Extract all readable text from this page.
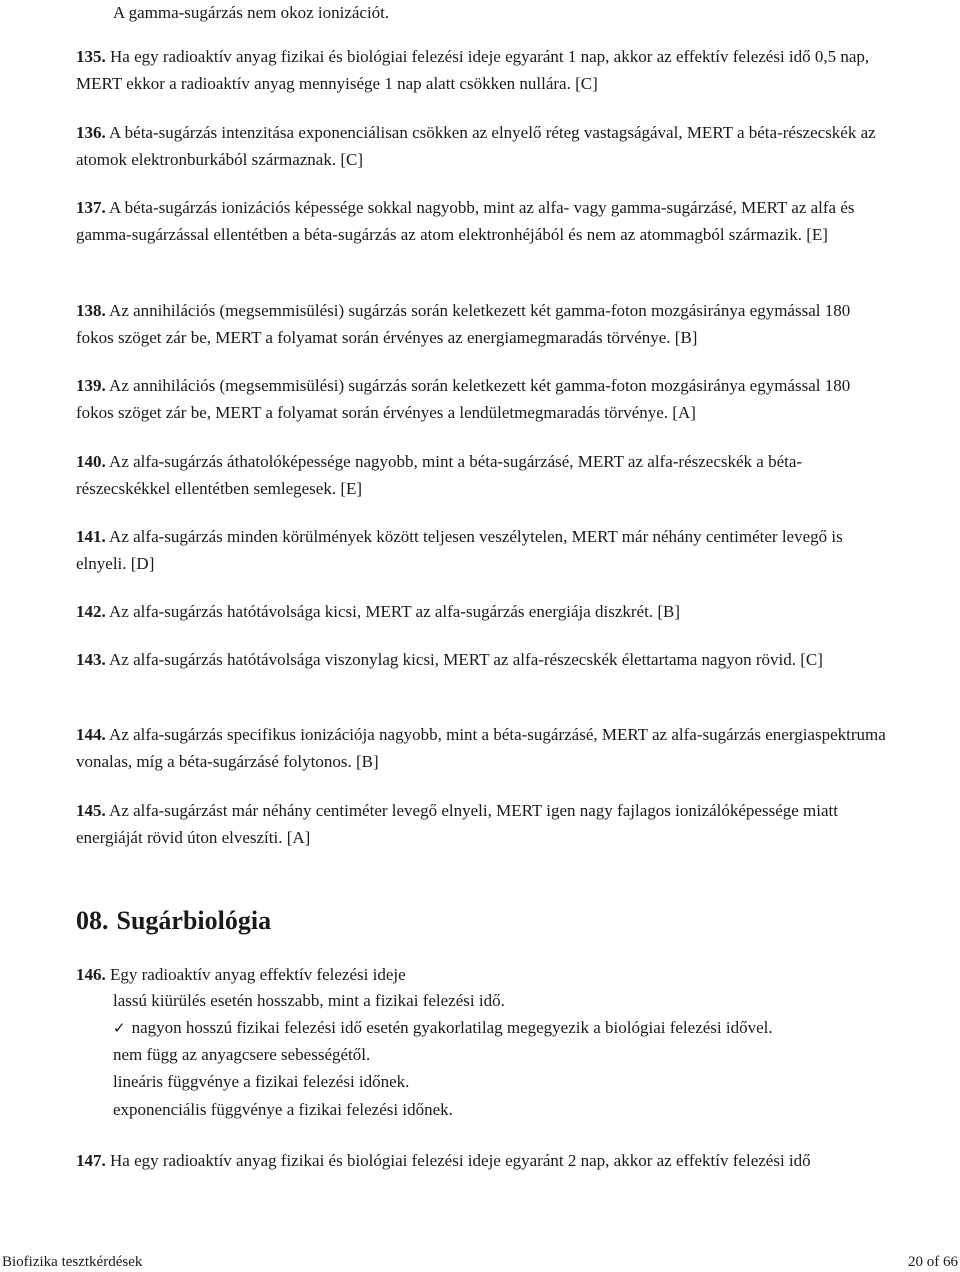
A gamma-sugárzás nem okoz ionizációt.

135. Ha egy radioaktív anyag fizikai és biológiai felezési ideje egyaránt 1 nap, akkor az effektív felezési idő 0,5 nap, MERT ekkor a radioaktív anyag mennyisége 1 nap alatt csökken nullára. [C]

136. A béta-sugárzás intenzitása exponenciálisan csökken az elnyelő réteg vastagságával, MERT a béta-részecskék az atomok elektronburkából származnak. [C]

137. A béta-sugárzás ionizációs képessége sokkal nagyobb, mint az alfa- vagy gamma-sugárzásé, MERT az alfa és gamma-sugárzással ellentétben a béta-sugárzás az atom elektronhéjából és nem az atommagból származik. [E]

138. Az annihilációs (megsemmisülési) sugárzás során keletkezett két gamma-foton mozgásiránya egymással 180 fokos szöget zár be, MERT a folyamat során érvényes az energiamegmaradás törvénye. [B]

139. Az annihilációs (megsemmisülési) sugárzás során keletkezett két gamma-foton mozgásiránya egymással 180 fokos szöget zár be, MERT a folyamat során érvényes a lendületmegmaradás törvénye. [A]

140. Az alfa-sugárzás áthatolóképessége nagyobb, mint a béta-sugárzásé, MERT az alfa-részecskék a béta-részecskékkel ellentétben semlegesek. [E]

141. Az alfa-sugárzás minden körülmények között teljesen veszélytelen, MERT már néhány centiméter levegő is elnyeli. [D]

142. Az alfa-sugárzás hatótávolsága kicsi, MERT az alfa-sugárzás energiája diszkrét. [B]

143. Az alfa-sugárzás hatótávolsága viszonylag kicsi, MERT az alfa-részecskék élettartama nagyon rövid. [C]

144. Az alfa-sugárzás specifikus ionizációja nagyobb, mint a béta-sugárzásé, MERT az alfa-sugárzás energiaspektruma vonalas, míg a béta-sugárzásé folytonos. [B]

145. Az alfa-sugárzást már néhány centiméter levegő elnyeli, MERT igen nagy fajlagos ionizálóképessége miatt energiáját rövid úton elveszíti. [A]

08. Sugárbiológia

146. Egy radioaktív anyag effektív felezési ideje

lassú kiürülés esetén hosszabb, mint a fizikai felezési idő.
✓ nagyon hosszú fizikai felezési idő esetén gyakorlatilag megegyezik a biológiai felezési idővel.
nem függ az anyagcsere sebességétől.
lineáris függvénye a fizikai felezési időnek.
exponenciális függvénye a fizikai felezési időnek.

147. Ha egy radioaktív anyag fizikai és biológiai felezési ideje egyaránt 2 nap, akkor az effektív felezési idő

Biofizika tesztkérdések	20 of 66
